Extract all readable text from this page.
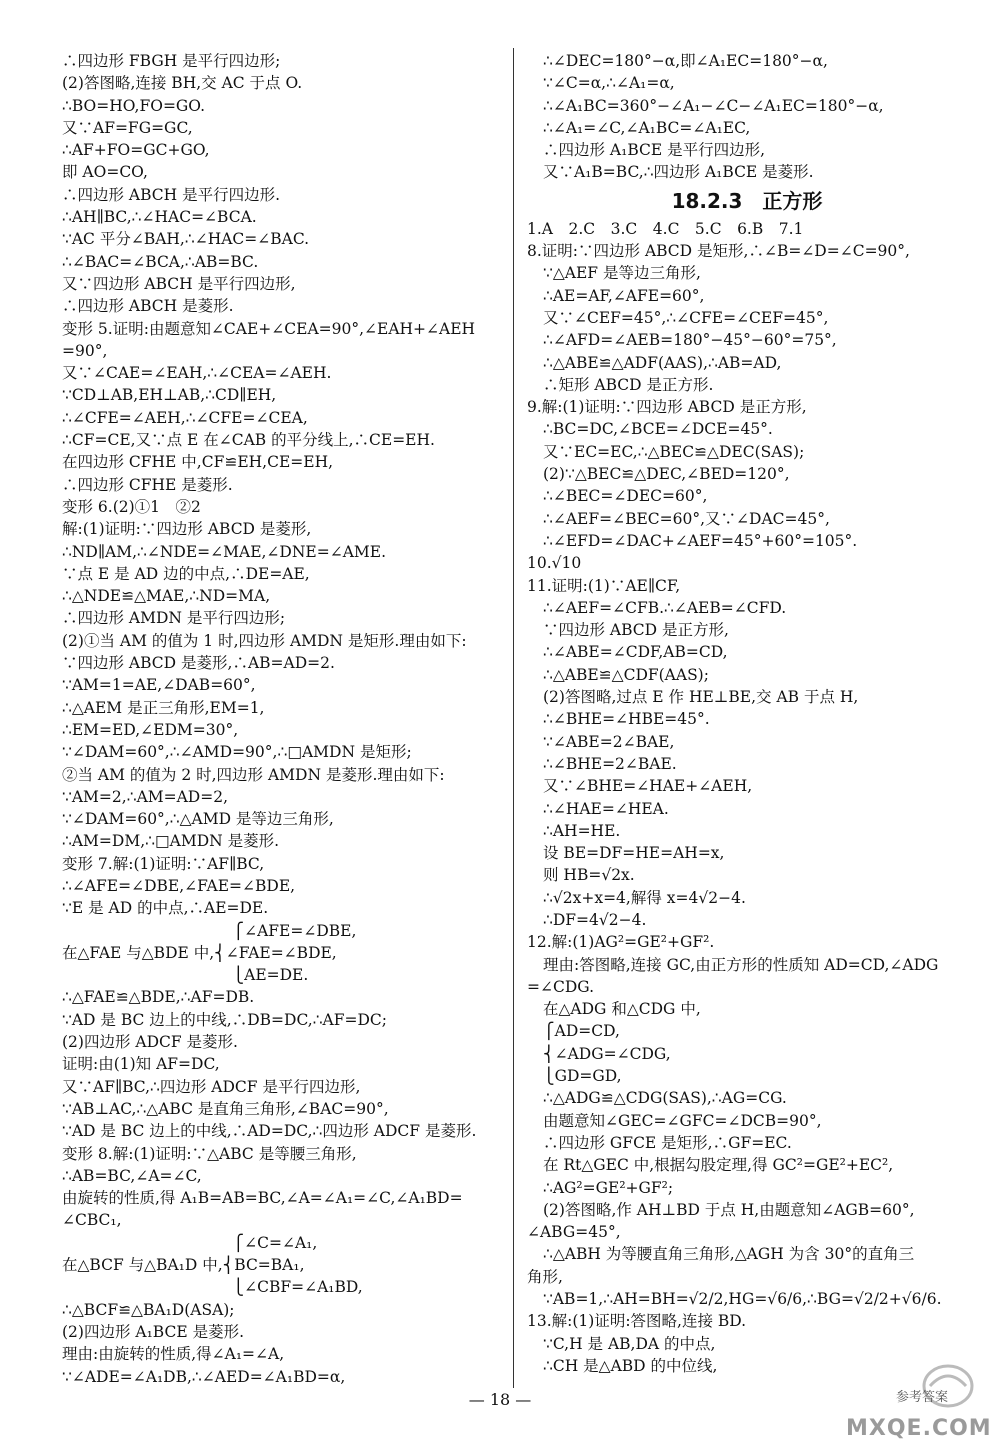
∴四边形 FBGH 是平行四边形;
(2)答图略,连接 BH,交 AC 于点 O.
∴BO=HO,FO=GO.
又∵AF=FG=GC,
∴AF+FO=GC+GO,
即 AO=CO,
∴四边形 ABCH 是平行四边形.
∴AH∥BC,∴∠HAC=∠BCA.
∵AC 平分∠BAH,∴∠HAC=∠BAC.
∴∠BAC=∠BCA,∴AB=BC.
又∵四边形 ABCH 是平行四边形,
∴四边形 ABCH 是菱形.
变形 5.证明:由题意知∠CAE+∠CEA=90°,∠EAH+∠AEH
=90°,
又∵∠CAE=∠EAH,∴∠CEA=∠AEH.
∵CD⊥AB,EH⊥AB,∴CD∥EH,
∴∠CFE=∠AEH,∴∠CFE=∠CEA,
∴CF=CE,又∵点 E 在∠CAB 的平分线上,∴CE=EH.
在四边形 CFHE 中,CF≌EH,CE=EH,
∴四边形 CFHE 是菱形.
变形 6.(2)①1　②2
解:(1)证明:∵四边形 ABCD 是菱形,
∴ND∥AM,∴∠NDE=∠MAE,∠DNE=∠AME.
∵点 E 是 AD 边的中点,∴DE=AE,
∴△NDE≌△MAE,∴ND=MA,
∴四边形 AMDN 是平行四边形;
(2)①当 AM 的值为 1 时,四边形 AMDN 是矩形.理由如下:
∵四边形 ABCD 是菱形,∴AB=AD=2.
∵AM=1=AE,∠DAB=60°,
∴△AEM 是正三角形,EM=1,
∴EM=ED,∠EDM=30°,
∵∠DAM=60°,∴∠AMD=90°,∴□AMDN 是矩形;
②当 AM 的值为 2 时,四边形 AMDN 是菱形.理由如下:
∵AM=2,∴AM=AD=2,
∵∠DAM=60°,∴△AMD 是等边三角形,
∴AM=DM,∴□AMDN 是菱形.
变形 7.解:(1)证明:∵AF∥BC,
∴∠AFE=∠DBE,∠FAE=∠BDE,
∵E 是 AD 的中点,∴AE=DE.
　　　　　　　　　　　⎧∠AFE=∠DBE,
在△FAE 与△BDE 中,⎨∠FAE=∠BDE,
　　　　　　　　　　　⎩AE=DE.
∴△FAE≌△BDE,∴AF=DB.
∵AD 是 BC 边上的中线,∴DB=DC,∴AF=DC;
(2)四边形 ADCF 是菱形.
证明:由(1)知 AF=DC,
又∵AF∥BC,∴四边形 ADCF 是平行四边形,
∵AB⊥AC,∴△ABC 是直角三角形,∠BAC=90°,
∵AD 是 BC 边上的中线,∴AD=DC,∴四边形 ADCF 是菱形.
变形 8.解:(1)证明:∵△ABC 是等腰三角形,
∴AB=BC,∠A=∠C,
由旋转的性质,得 A₁B=AB=BC,∠A=∠A₁=∠C,∠A₁BD=
∠CBC₁,
　　　　　　　　　　　⎧∠C=∠A₁,
在△BCF 与△BA₁D 中,⎨BC=BA₁,
　　　　　　　　　　　⎩∠CBF=∠A₁BD,
∴△BCF≌△BA₁D(ASA);
(2)四边形 A₁BCE 是菱形.
理由:由旋转的性质,得∠A₁=∠A,
∵∠ADE=∠A₁DB,∴∠AED=∠A₁BD=α,
∴∠DEC=180°−α,即∠A₁EC=180°−α,
∵∠C=α,∴∠A₁=α,
∴∠A₁BC=360°−∠A₁−∠C−∠A₁EC=180°−α,
∴∠A₁=∠C,∠A₁BC=∠A₁EC,
∴四边形 A₁BCE 是平行四边形,
又∵A₁B=BC,∴四边形 A₁BCE 是菱形.
18.2.3　正方形
1.A　2.C　3.C　4.C　5.C　6.B　7.1
8.证明:∵四边形 ABCD 是矩形,∴∠B=∠D=∠C=90°,
∵△AEF 是等边三角形,
∴AE=AF,∠AFE=60°,
又∵∠CEF=45°,∴∠CFE=∠CEF=45°,
∴∠AFD=∠AEB=180°−45°−60°=75°,
∴△ABE≌△ADF(AAS),∴AB=AD,
∴矩形 ABCD 是正方形.
9.解:(1)证明:∵四边形 ABCD 是正方形,
∴BC=DC,∠BCE=∠DCE=45°.
又∵EC=EC,∴△BEC≌△DEC(SAS);
(2)∵△BEC≌△DEC,∠BED=120°,
∴∠BEC=∠DEC=60°,
∴∠AEF=∠BEC=60°,又∵∠DAC=45°,
∴∠EFD=∠DAC+∠AEF=45°+60°=105°.
10.√10
11.证明:(1)∵AE∥CF,
∴∠AEF=∠CFB.∴∠AEB=∠CFD.
∵四边形 ABCD 是正方形,
∴∠ABE=∠CDF,AB=CD,
∴△ABE≌△CDF(AAS);
(2)答图略,过点 E 作 HE⊥BE,交 AB 于点 H,
∴∠BHE=∠HBE=45°.
∵∠ABE=2∠BAE,
∴∠BHE=2∠BAE.
又∵∠BHE=∠HAE+∠AEH,
∴∠HAE=∠HEA.
∴AH=HE.
设 BE=DF=HE=AH=x,
则 HB=√2x.
∴√2x+x=4,解得 x=4√2−4.
∴DF=4√2−4.
12.解:(1)AG²=GE²+GF².
理由:答图略,连接 GC,由正方形的性质知 AD=CD,∠ADG
=∠CDG.
在△ADG 和△CDG 中,
⎧AD=CD,
⎨∠ADG=∠CDG,
⎩GD=GD,
∴△ADG≌△CDG(SAS),∴AG=CG.
由题意知∠GEC=∠GFC=∠DCB=90°,
∴四边形 GFCE 是矩形,∴GF=EC.
在 Rt△GEC 中,根据勾股定理,得 GC²=GE²+EC²,
∴AG²=GE²+GF²;
(2)答图略,作 AH⊥BD 于点 H,由题意知∠AGB=60°,
∠ABG=45°,
∴△ABH 为等腰直角三角形,△AGH 为含 30°的直角三
角形,
∵AB=1,∴AH=BH=√2/2,HG=√6/6,∴BG=√2/2+√6/6.
13.解:(1)证明:答图略,连接 BD.
∵C,H 是 AB,DA 的中点,
∴CH 是△ABD 的中位线,
— 18 —	参考答案
MXQE.COM
